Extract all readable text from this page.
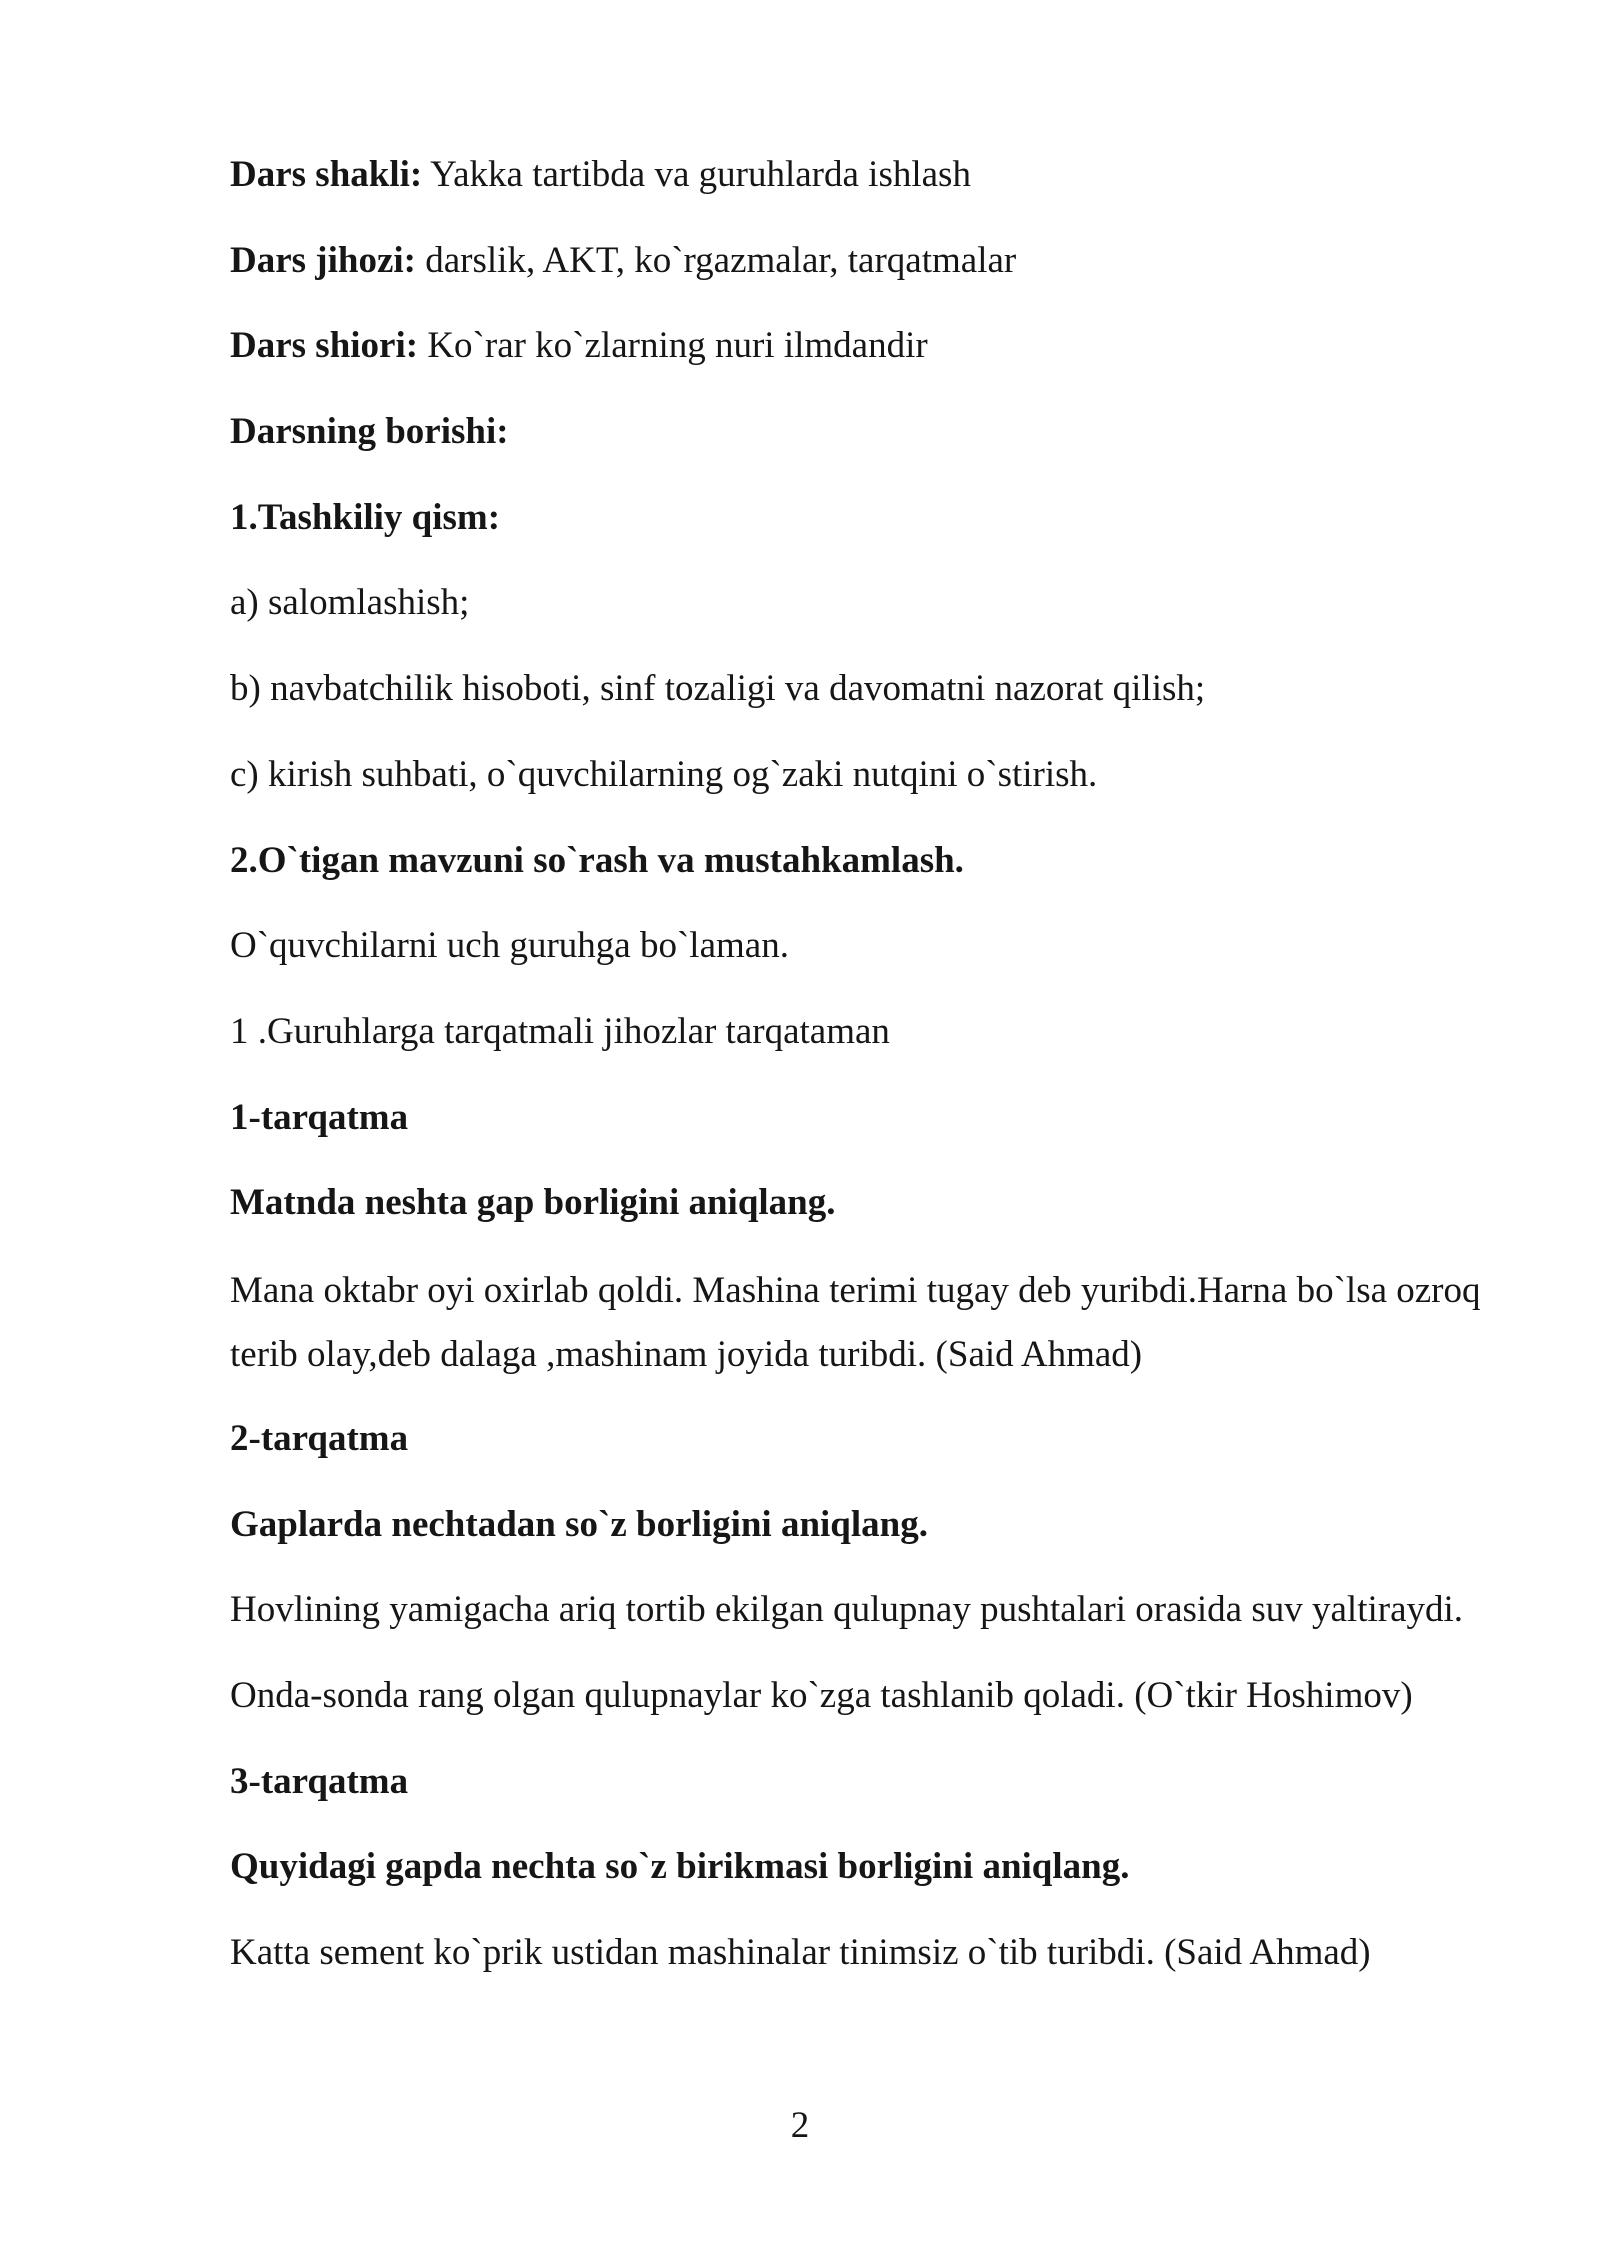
Dars shakli: Yakka tartibda va guruhlarda ishlash
Dars jihozi: darslik, AKT, ko`rgazmalar, tarqatmalar
Dars shiori: Ko`rar ko`zlarning nuri ilmdandir
Darsning borishi:
1.Tashkiliy qism:
a) salomlashish;
b) navbatchilik hisoboti, sinf tozaligi va davomatni nazorat qilish;
c) kirish suhbati, o`quvchilarning og`zaki nutqini o`stirish.
2.O`tigan mavzuni so`rash va mustahkamlash.
O`quvchilarni uch guruhga bo`laman.
1 .Guruhlarga tarqatmali jihozlar tarqataman
1-tarqatma
Matnda neshta gap borligini aniqlang.
Mana oktabr oyi oxirlab qoldi. Mashina terimi tugay deb yuribdi.Harna bo`lsa ozroq terib olay,deb dalaga ,mashinam joyida turibdi. (Said Ahmad)
2-tarqatma
Gaplarda nechtadan so`z borligini aniqlang.
Hovlining yamigacha ariq tortib ekilgan qulupnay pushtalari orasida suv yaltiraydi.
Onda-sonda rang olgan qulupnaylar ko`zga tashlanib qoladi. (O`tkir Hoshimov)
3-tarqatma
Quyidagi gapda nechta so`z birikmasi borligini aniqlang.
Katta sement ko`prik ustidan mashinalar tinimsiz o`tib turibdi. (Said Ahmad)
2
